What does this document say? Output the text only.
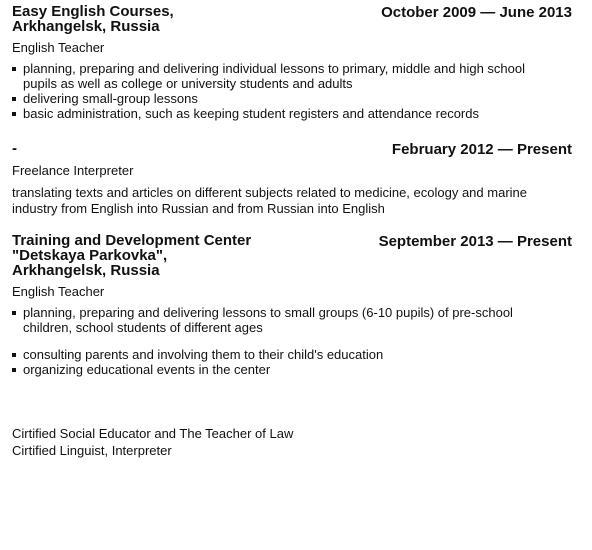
Easy English Courses,
Arkhangelsk, Russia
October 2009 — June 2013
English Teacher
planning, preparing and delivering individual lessons to primary, middle and high school pupils as well as college or university students and adults
delivering small-group lessons
basic administration, such as keeping student registers and attendance records
-	February 2012 — Present
Freelance Interpreter
translating texts and articles on different subjects related to medicine, ecology and marine industry from English into Russian and from Russian into English
Training and Development Center
"Detskaya Parkovka",
Arkhangelsk, Russia
September 2013 — Present
English Teacher
planning, preparing and delivering lessons to small groups (6-10 pupils) of pre-school children, school students of different ages
consulting parents and involving them to their child's education
organizing educational events in the center
Cirtified Social Educator and The Teacher of Law
Cirtified Linguist, Interpreter
